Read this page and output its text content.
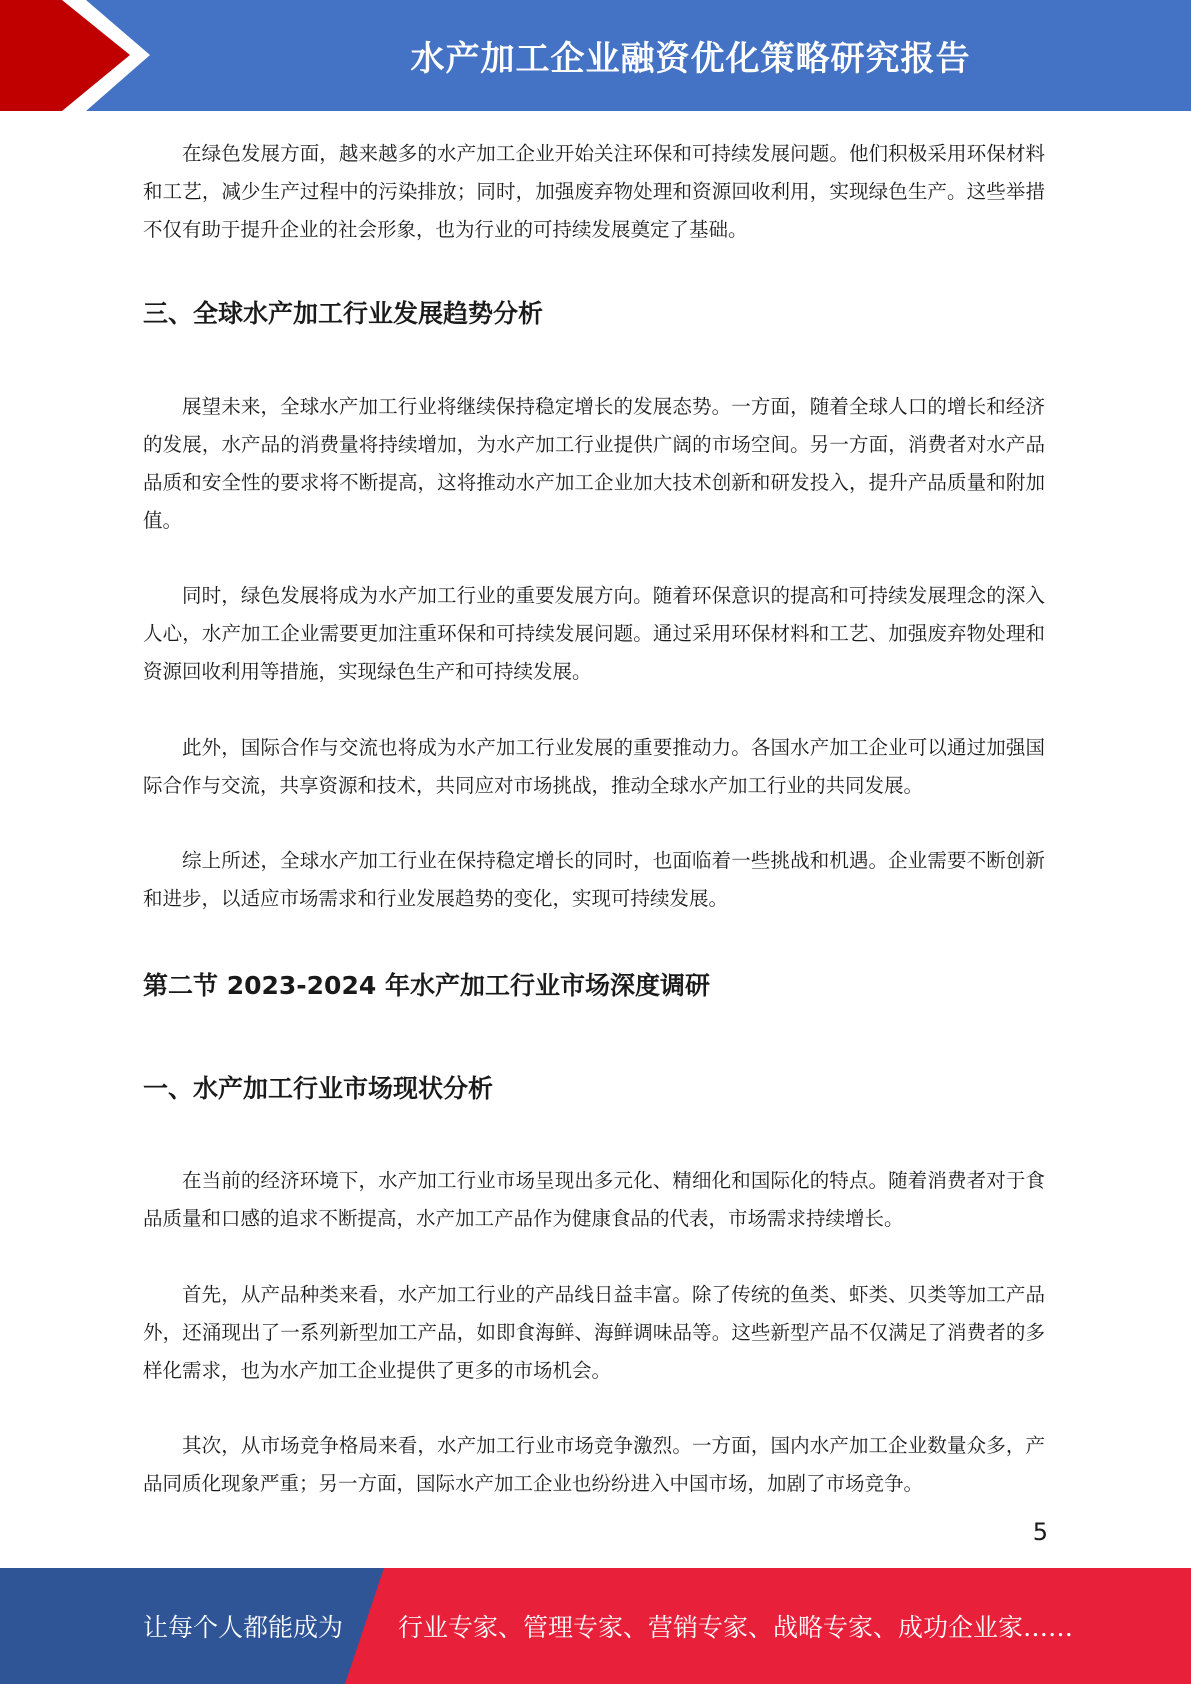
水产加工企业融资优化策略研究报告

在绿色发展方面，越来越多的水产加工企业开始关注环保和可持续发展问题。他们积极采用环保材料和工艺，减少生产过程中的污染排放；同时，加强废弃物处理和资源回收利用，实现绿色生产。这些举措不仅有助于提升企业的社会形象，也为行业的可持续发展奠定了基础。

三、全球水产加工行业发展趋势分析

展望未来，全球水产加工行业将继续保持稳定增长的发展态势。一方面，随着全球人口的增长和经济的发展，水产品的消费量将持续增加，为水产加工行业提供广阔的市场空间。另一方面，消费者对水产品品质和安全性的要求将不断提高，这将推动水产加工企业加大技术创新和研发投入，提升产品质量和附加值。

同时，绿色发展将成为水产加工行业的重要发展方向。随着环保意识的提高和可持续发展理念的深入人心，水产加工企业需要更加注重环保和可持续发展问题。通过采用环保材料和工艺、加强废弃物处理和资源回收利用等措施，实现绿色生产和可持续发展。

此外，国际合作与交流也将成为水产加工行业发展的重要推动力。各国水产加工企业可以通过加强国际合作与交流，共享资源和技术，共同应对市场挑战，推动全球水产加工行业的共同发展。

综上所述，全球水产加工行业在保持稳定增长的同时，也面临着一些挑战和机遇。企业需要不断创新和进步，以适应市场需求和行业发展趋势的变化，实现可持续发展。

第二节 2023-2024 年水产加工行业市场深度调研
一、水产加工行业市场现状分析

在当前的经济环境下，水产加工行业市场呈现出多元化、精细化和国际化的特点。随着消费者对于食品质量和口感的追求不断提高，水产加工产品作为健康食品的代表，市场需求持续增长。

首先，从产品种类来看，水产加工行业的产品线日益丰富。除了传统的鱼类、虾类、贝类等加工产品外，还涌现出了一系列新型加工产品，如即食海鲜、海鲜调味品等。这些新型产品不仅满足了消费者的多样化需求，也为水产加工企业提供了更多的市场机会。

其次，从市场竞争格局来看，水产加工行业市场竞争激烈。一方面，国内水产加工企业数量众多，产品同质化现象严重；另一方面，国际水产加工企业也纷纷进入中国市场，加剧了市场竞争。

5
让每个人都能成为 行业专家、管理专家、营销专家、战略专家、成功企业家……
